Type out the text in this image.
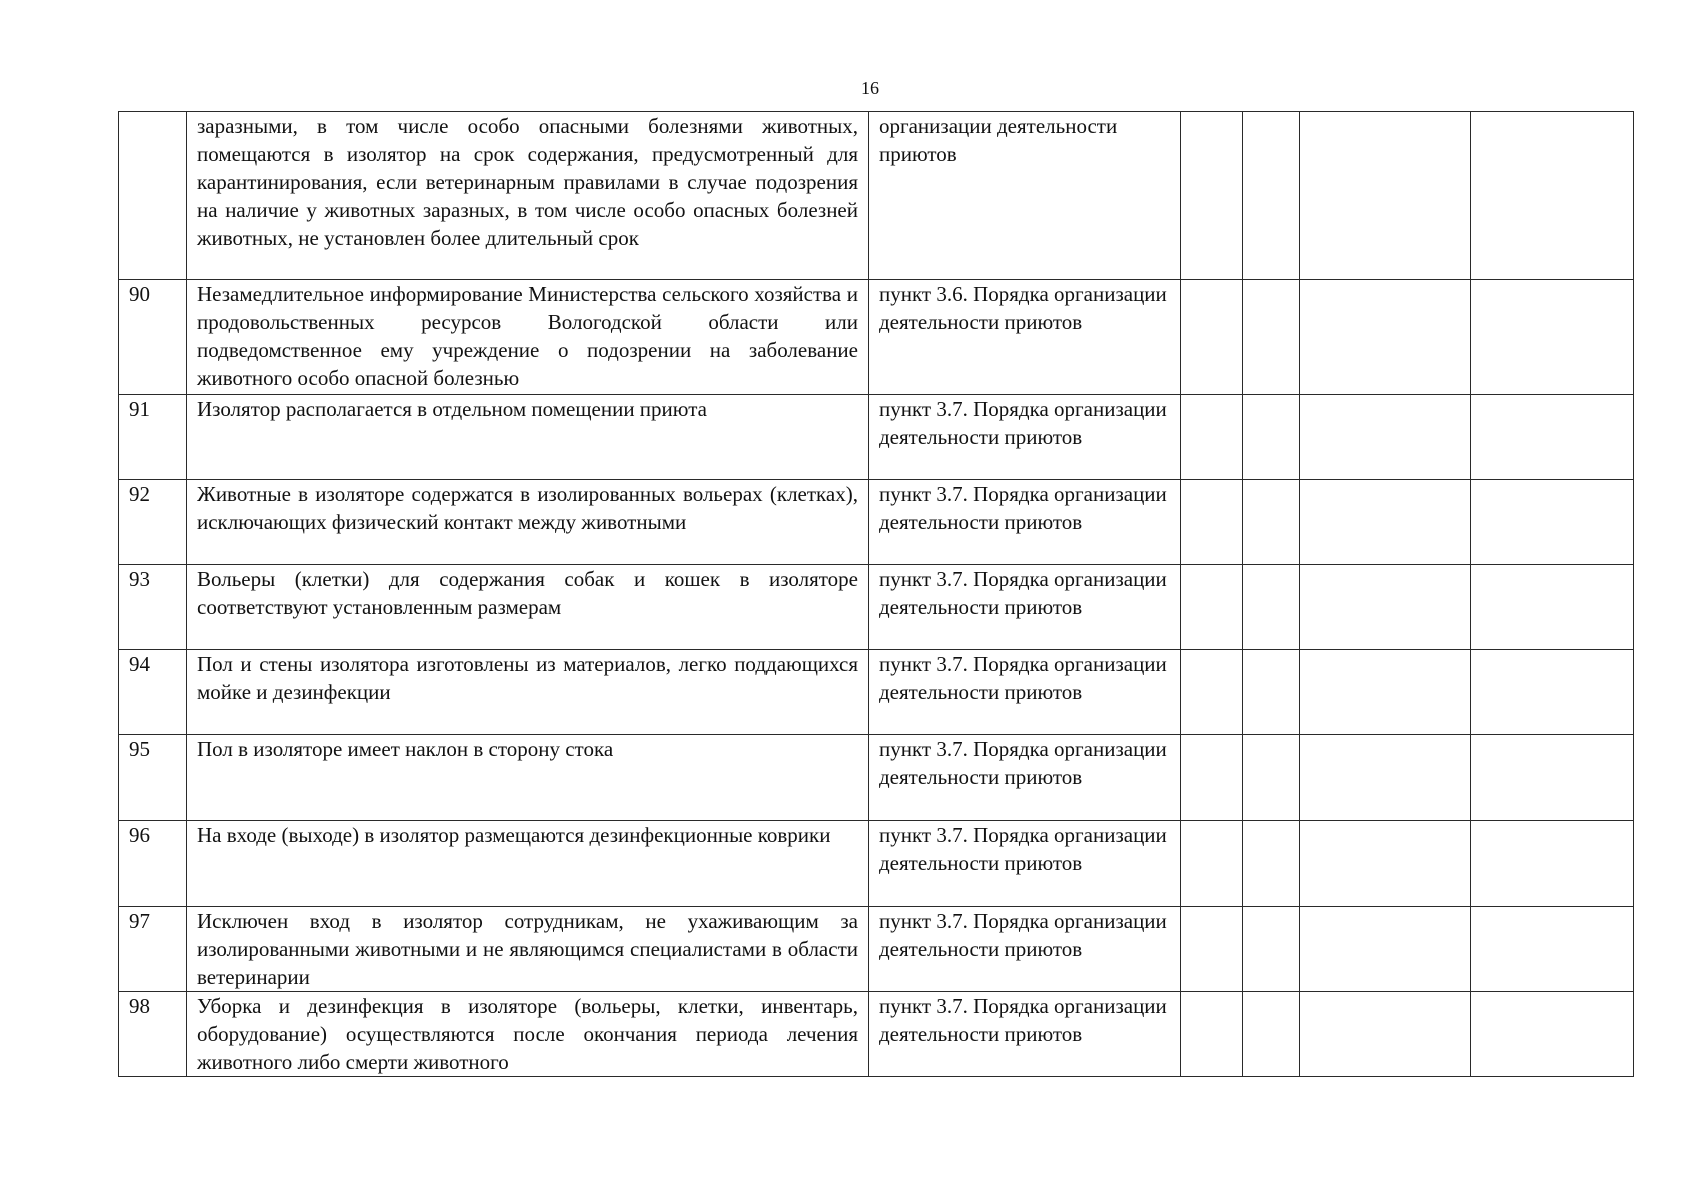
16
	заразными, в том числе особо опасными болезнями животных, помещаются в изолятор на срок содержания, предусмотренный для карантинирования, если ветеринарным правилами в случае подозрения на наличие у животных заразных, в том числе особо опасных болезней животных, не установлен более длительный срок	организации деятельности приютов				
90	Незамедлительное информирование Министерства сельского хозяйства и продовольственных ресурсов Вологодской области или подведомственное ему учреждение о подозрении на заболевание животного особо опасной болезнью	пункт 3.6. Порядка организации деятельности приютов				
91	Изолятор располагается в отдельном помещении приюта	пункт 3.7. Порядка организации деятельности приютов				
92	Животные в изоляторе содержатся в изолированных вольерах (клетках), исключающих физический контакт между животными	пункт 3.7. Порядка организации деятельности приютов				
93	Вольеры (клетки) для содержания собак и кошек в изоляторе соответствуют установленным размерам	пункт 3.7. Порядка организации деятельности приютов				
94	Пол и стены изолятора изготовлены из материалов, легко поддающихся мойке и дезинфекции	пункт 3.7. Порядка организации деятельности приютов				
95	Пол в изоляторе имеет наклон в сторону стока	пункт 3.7. Порядка организации деятельности приютов				
96	На входе (выходе) в изолятор размещаются дезинфекционные коврики	пункт 3.7. Порядка организации деятельности приютов				
97	Исключен вход в изолятор сотрудникам, не ухаживающим за изолированными животными и не являющимся специалистами в области ветеринарии	пункт 3.7. Порядка организации деятельности приютов				
98	Уборка и дезинфекция в изоляторе (вольеры, клетки, инвентарь, оборудование) осуществляются после окончания периода лечения животного либо смерти животного	пункт 3.7. Порядка организации деятельности приютов				
